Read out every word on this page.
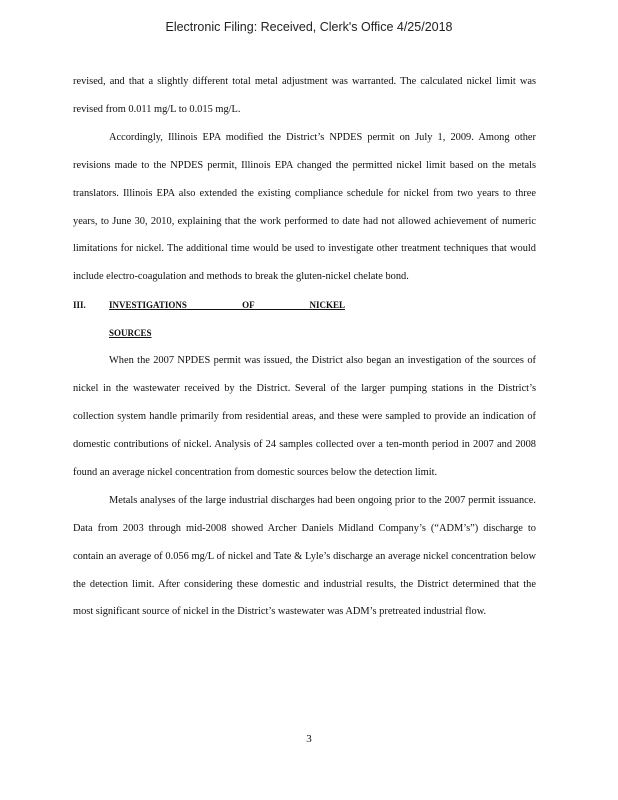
Electronic Filing: Received, Clerk's Office 4/25/2018

revised, and that a slightly different total metal adjustment was warranted. The calculated nickel limit was revised from 0.011 mg/L to 0.015 mg/L.

Accordingly, Illinois EPA modified the District’s NPDES permit on July 1, 2009. Among other revisions made to the NPDES permit, Illinois EPA changed the permitted nickel limit based on the metals translators. Illinois EPA also extended the existing compliance schedule for nickel from two years to three years, to June 30, 2010, explaining that the work performed to date had not allowed achievement of numeric limitations for nickel. The additional time would be used to investigate other treatment techniques that would include electro-coagulation and methods to break the gluten-nickel chelate bond.

III.	INVESTIGATIONS OF NICKEL SOURCES

When the 2007 NPDES permit was issued, the District also began an investigation of the sources of nickel in the wastewater received by the District. Several of the larger pumping stations in the District’s collection system handle primarily from residential areas, and these were sampled to provide an indication of domestic contributions of nickel. Analysis of 24 samples collected over a ten-month period in 2007 and 2008 found an average nickel concentration from domestic sources below the detection limit.

Metals analyses of the large industrial discharges had been ongoing prior to the 2007 permit issuance. Data from 2003 through mid-2008 showed Archer Daniels Midland Company’s (“ADM’s”) discharge to contain an average of 0.056 mg/L of nickel and Tate & Lyle’s discharge an average nickel concentration below the detection limit. After considering these domestic and industrial results, the District determined that the most significant source of nickel in the District’s wastewater was ADM’s pretreated industrial flow.

3
